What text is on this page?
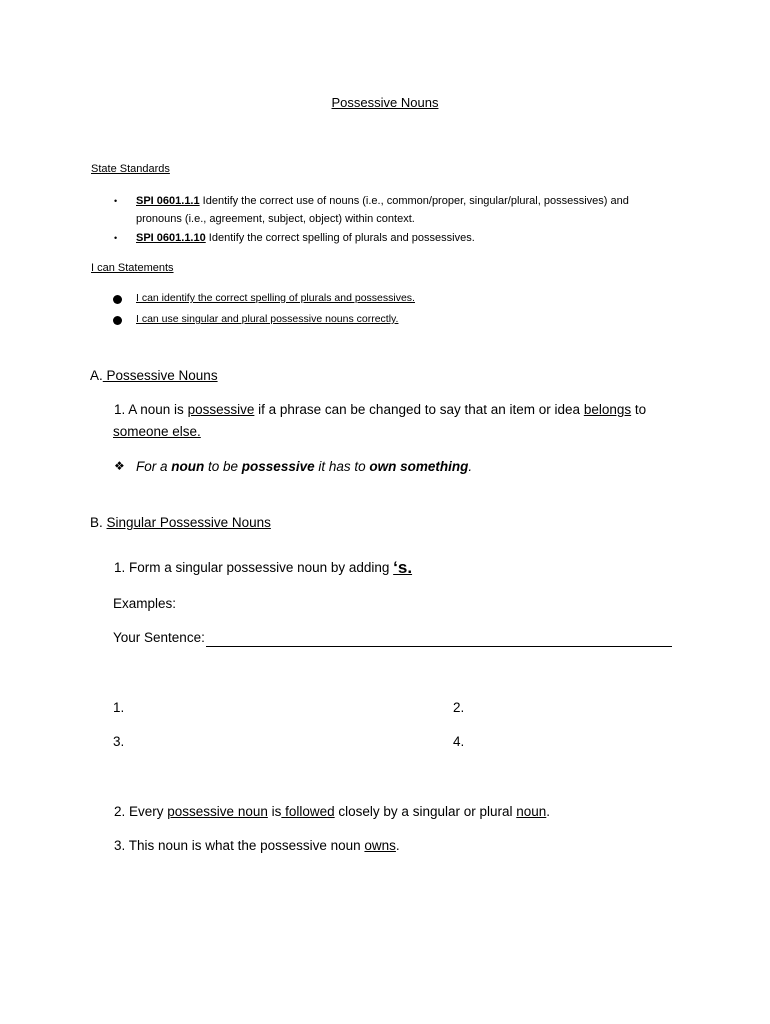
Possessive Nouns
State Standards
• SPI 0601.1.1 Identify the correct use of nouns (i.e., common/proper, singular/plural, possessives) and
pronouns (i.e., agreement, subject, object) within context.
• SPI 0601.1.10 Identify the correct spelling of plurals and possessives.
I can Statements
I can identify the correct spelling of plurals and possessives.
I can use singular and plural possessive nouns correctly.
A. Possessive Nouns
1. A noun is possessive if a phrase can be changed to say that an item or idea belongs to
someone else.
❖ For a noun to be possessive it has to own something.
B. Singular Possessive Nouns
1. Form a singular possessive noun by adding ‘s.
Examples:
Your Sentence:
1.	2.
3.	4.
2. Every possessive noun is followed closely by a singular or plural noun.
3. This noun is what the possessive noun owns.
